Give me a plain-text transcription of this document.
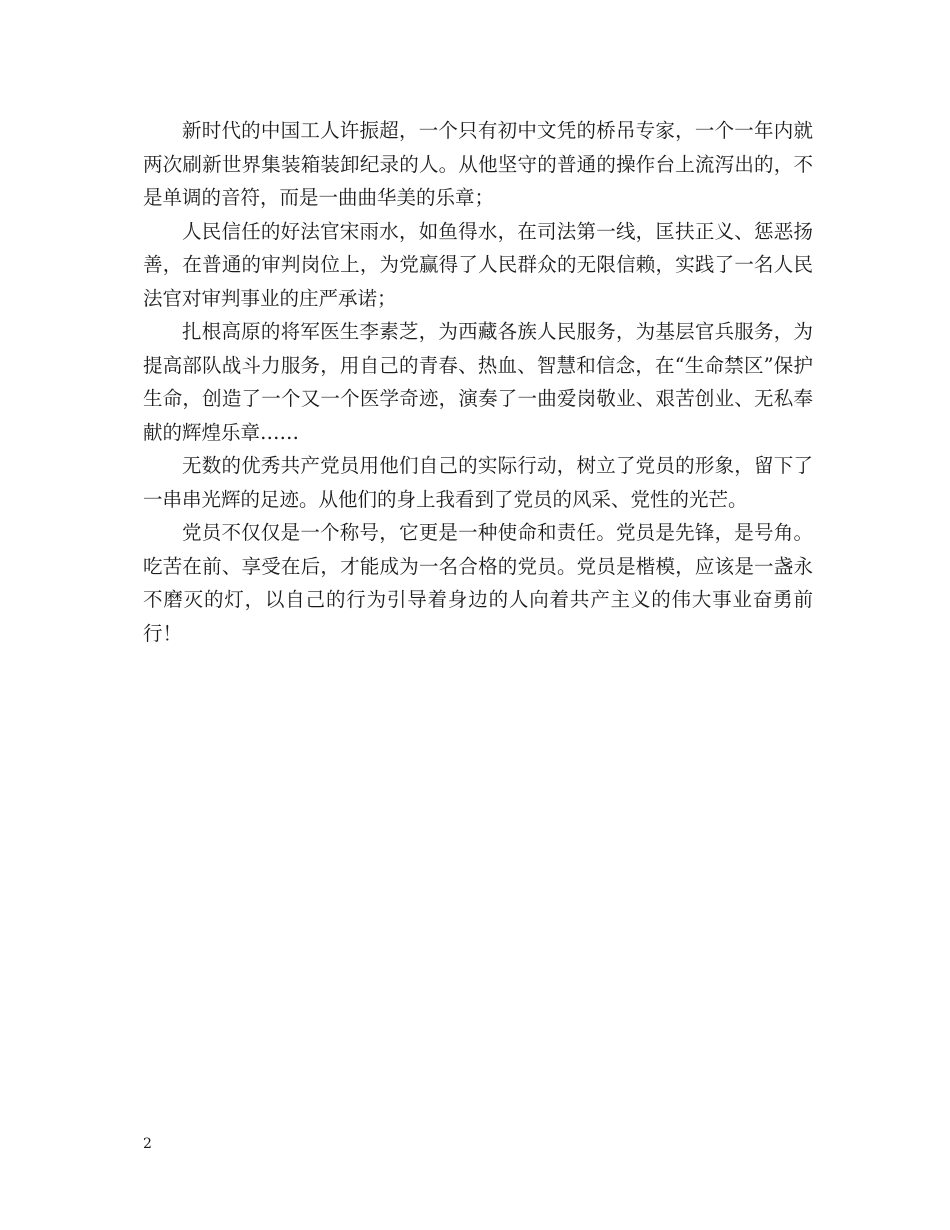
新时代的中国工人许振超，一个只有初中文凭的桥吊专家，一个一年内就两次刷新世界集装箱装卸纪录的人。从他坚守的普通的操作台上流泻出的，不是单调的音符，而是一曲曲华美的乐章；

人民信任的好法官宋雨水，如鱼得水，在司法第一线，匡扶正义、惩恶扬善，在普通的审判岗位上，为党赢得了人民群众的无限信赖，实践了一名人民法官对审判事业的庄严承诺；

扎根高原的将军医生李素芝，为西藏各族人民服务，为基层官兵服务，为提高部队战斗力服务，用自己的青春、热血、智慧和信念，在“生命禁区”保护生命，创造了一个又一个医学奇迹，演奏了一曲爱岗敬业、艰苦创业、无私奉献的辉煌乐章……

无数的优秀共产党员用他们自己的实际行动，树立了党员的形象，留下了一串串光辉的足迹。从他们的身上我看到了党员的风采、党性的光芒。

党员不仅仅是一个称号，它更是一种使命和责任。党员是先锋，是号角。吃苦在前、享受在后，才能成为一名合格的党员。党员是楷模，应该是一盏永不磨灭的灯，以自己的行为引导着身边的人向着共产主义的伟大事业奋勇前行！

2
